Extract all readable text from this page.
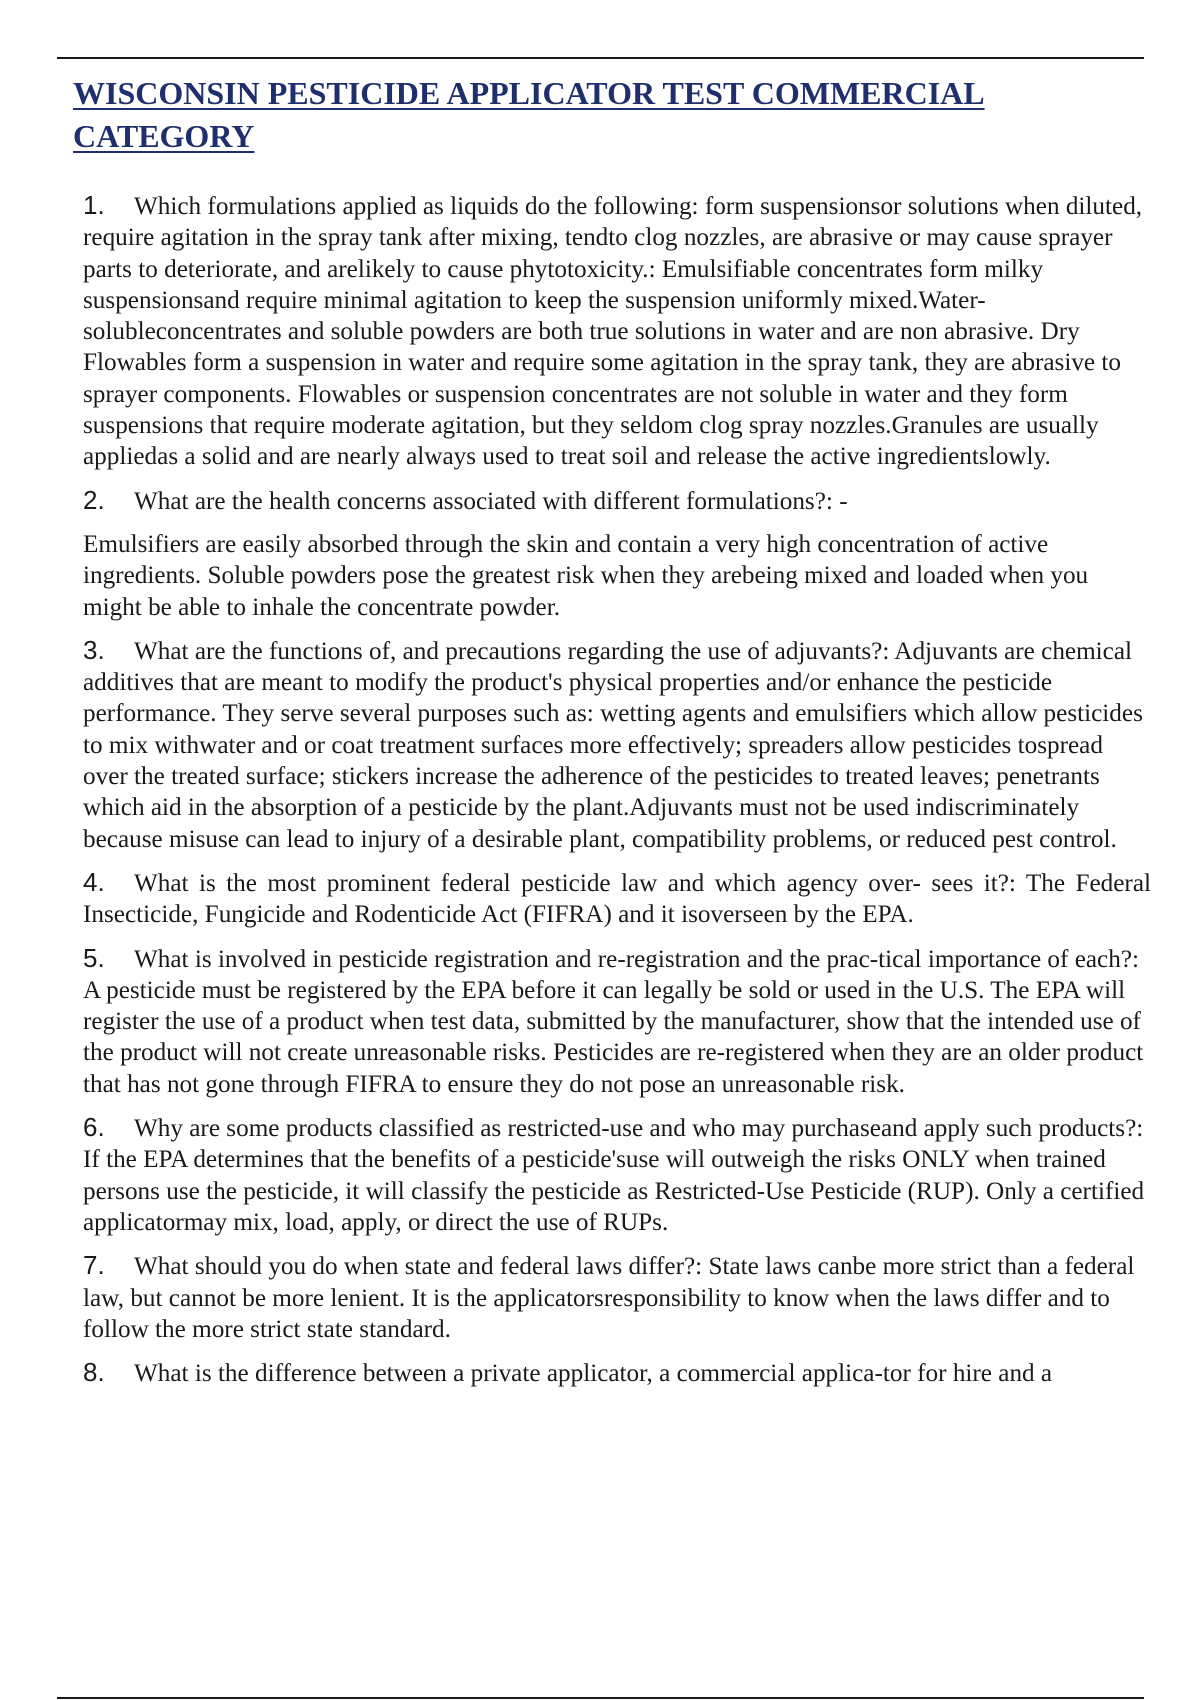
WISCONSIN PESTICIDE APPLICATOR TEST COMMERCIAL CATEGORY

1. Which formulations applied as liquids do the following: form suspensionsor solutions when diluted, require agitation in the spray tank after mixing, tendto clog nozzles, are abrasive or may cause sprayer parts to deteriorate, and arelikely to cause phytotoxicity.: Emulsifiable concentrates form milky suspensionsand require minimal agitation to keep the suspension uniformly mixed.Water-solubleconcentrates and soluble powders are both true solutions in water and are non abrasive. Dry Flowables form a suspension in water and require some agitation in the spray tank, they are abrasive to sprayer components. Flowables or suspension concentrates are not soluble in water and they form suspensions that require moderate agitation, but they seldom clog spray nozzles.Granules are usually appliedas a solid and are nearly always used to treat soil and release the active ingredientslowly.

2. What are the health concerns associated with different formulations?: -

Emulsifiers are easily absorbed through the skin and contain a very high concentration of active ingredients. Soluble powders pose the greatest risk when they arebeing mixed and loaded when you might be able to inhale the concentrate powder.

3. What are the functions of, and precautions regarding the use of adjuvants?: Adjuvants are chemical additives that are meant to modify the product's physical properties and/or enhance the pesticide performance. They serve several purposes such as: wetting agents and emulsifiers which allow pesticides to mix withwater and or coat treatment surfaces more effectively; spreaders allow pesticides tospread over the treated surface; stickers increase the adherence of the pesticides to treated leaves; penetrants which aid in the absorption of a pesticide by the plant.Adjuvants must not be used indiscriminately because misuse can lead to injury of a desirable plant, compatibility problems, or reduced pest control.

4. What is the most prominent federal pesticide law and which agency over- sees it?: The Federal Insecticide, Fungicide and Rodenticide Act (FIFRA) and it isoverseen by the EPA.

5. What is involved in pesticide registration and re-registration and the prac-tical importance of each?: A pesticide must be registered by the EPA before it can legally be sold or used in the U.S. The EPA will register the use of a product when test data, submitted by the manufacturer, show that the intended use of the product will not create unreasonable risks. Pesticides are re-registered when they are an older product that has not gone through FIFRA to ensure they do not pose an unreasonable risk.

6. Why are some products classified as restricted-use and who may purchaseand apply such products?: If the EPA determines that the benefits of a pesticide'suse will outweigh the risks ONLY when trained persons use the pesticide, it will classify the pesticide as Restricted-Use Pesticide (RUP). Only a certified applicatormay mix, load, apply, or direct the use of RUPs.

7. What should you do when state and federal laws differ?: State laws canbe more strict than a federal law, but cannot be more lenient. It is the applicatorsresponsibility to know when the laws differ and to follow the more strict state standard.

8. What is the difference between a private applicator, a commercial applica-tor for hire and a
